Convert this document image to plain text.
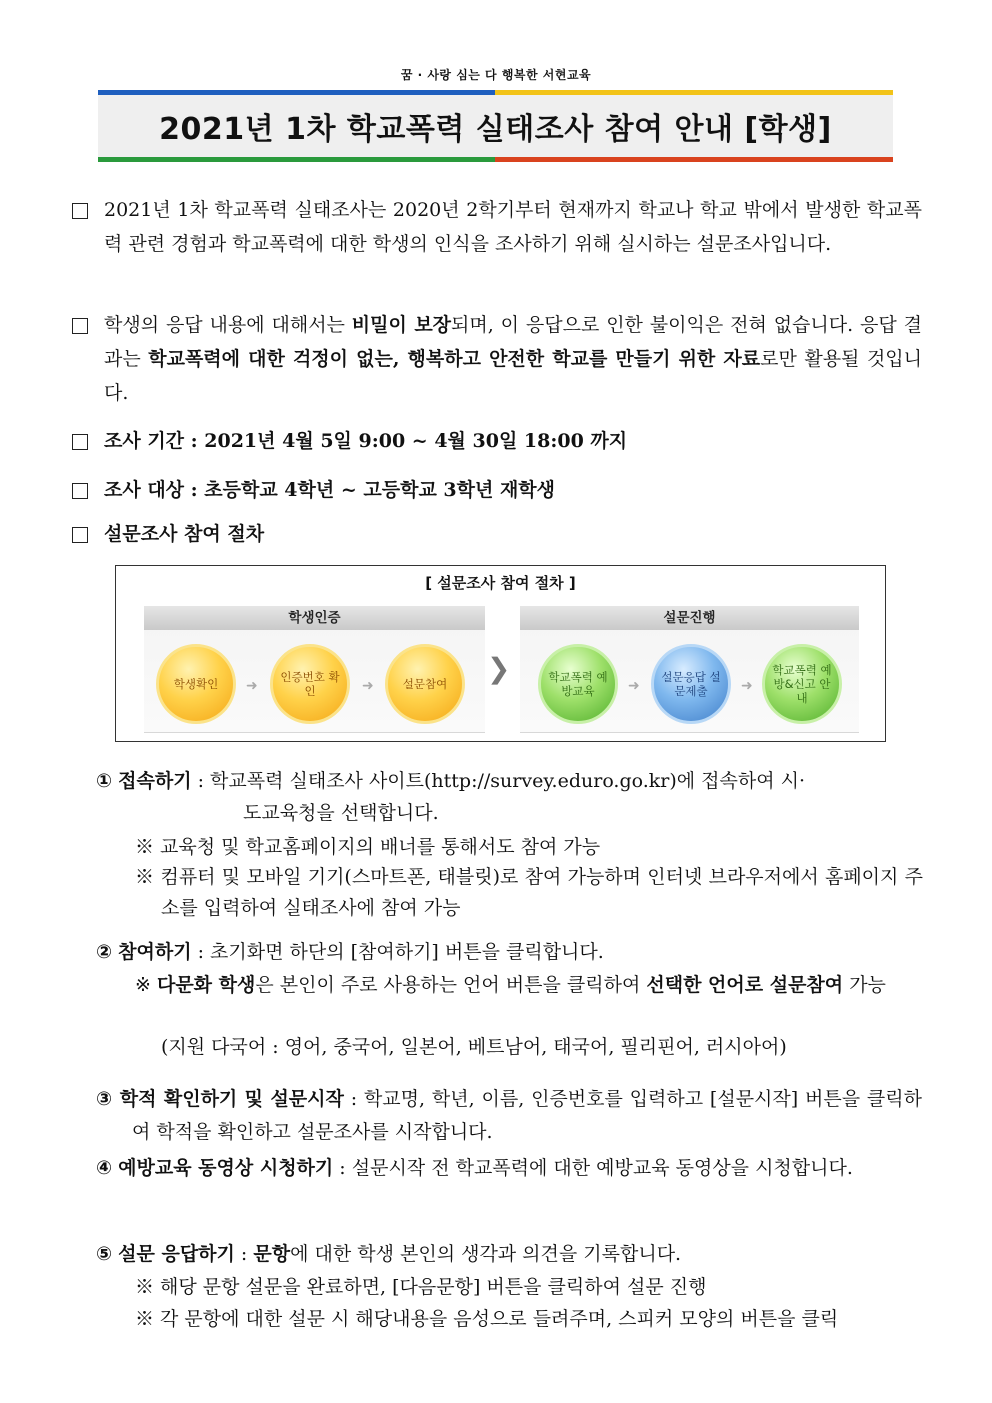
꿈 · 사랑 심는 다 행복한 서현교육
2021년 1차 학교폭력 실태조사 참여 안내 [학생]
2021년 1차 학교폭력 실태조사는 2020년 2학기부터 현재까지 학교나 학교 밖에서 발생한 학교폭력 관련 경험과 학교폭력에 대한 학생의 인식을 조사하기 위해 실시하는 설문조사입니다.
학생의 응답 내용에 대해서는 비밀이 보장되며, 이 응답으로 인한 불이익은 전혀 없습니다. 응답 결과는 학교폭력에 대한 걱정이 없는, 행복하고 안전한 학교를 만들기 위한 자료로만 활용될 것입니다.
조사 기간 : 2021년 4월 5일 9:00 ~ 4월 30일 18:00 까지
조사 대상 : 초등학교 4학년 ~ 고등학교 3학년 재학생
설문조사 참여 절차
[ 설문조사 참여 절차 ]
학생인증
학생확인 ➜
인증번호 확인	➜	설문참여 ❯
설문진행
학교폭력 예방교육	➜
설문응답 설문제출	➜
학교폭력 예방&신고 안내
① 접속하기 : 학교폭력 실태조사 사이트(http://survey.eduro.go.kr)에 접속하여 시·
도교육청을 선택합니다.
※ 교육청 및 학교홈페이지의 배너를 통해서도 참여 가능
※ 컴퓨터 및 모바일 기기(스마트폰, 태블릿)로 참여 가능하며 인터넷 브라우저에서 홈페이지 주소를 입력하여 실태조사에 참여 가능
② 참여하기 : 초기화면 하단의 [참여하기] 버튼을 클릭합니다.
※ 다문화 학생은 본인이 주로 사용하는 언어 버튼을 클릭하여 선택한 언어로 설문참여 가능
(지원 다국어 : 영어, 중국어, 일본어, 베트남어, 태국어, 필리핀어, 러시아어)
③ 학적 확인하기 및 설문시작 : 학교명, 학년, 이름, 인증번호를 입력하고 [설문시작] 버튼을 클릭하여 학적을 확인하고 설문조사를 시작합니다.
④ 예방교육 동영상 시청하기 : 설문시작 전 학교폭력에 대한 예방교육 동영상을 시청합니다.
⑤ 설문 응답하기 : 문항에 대한 학생 본인의 생각과 의견을 기록합니다.
※ 해당 문항 설문을 완료하면, [다음문항] 버튼을 클릭하여 설문 진행
※ 각 문항에 대한 설문 시 해당내용을 음성으로 들려주며, 스피커 모양의 버튼을 클릭
